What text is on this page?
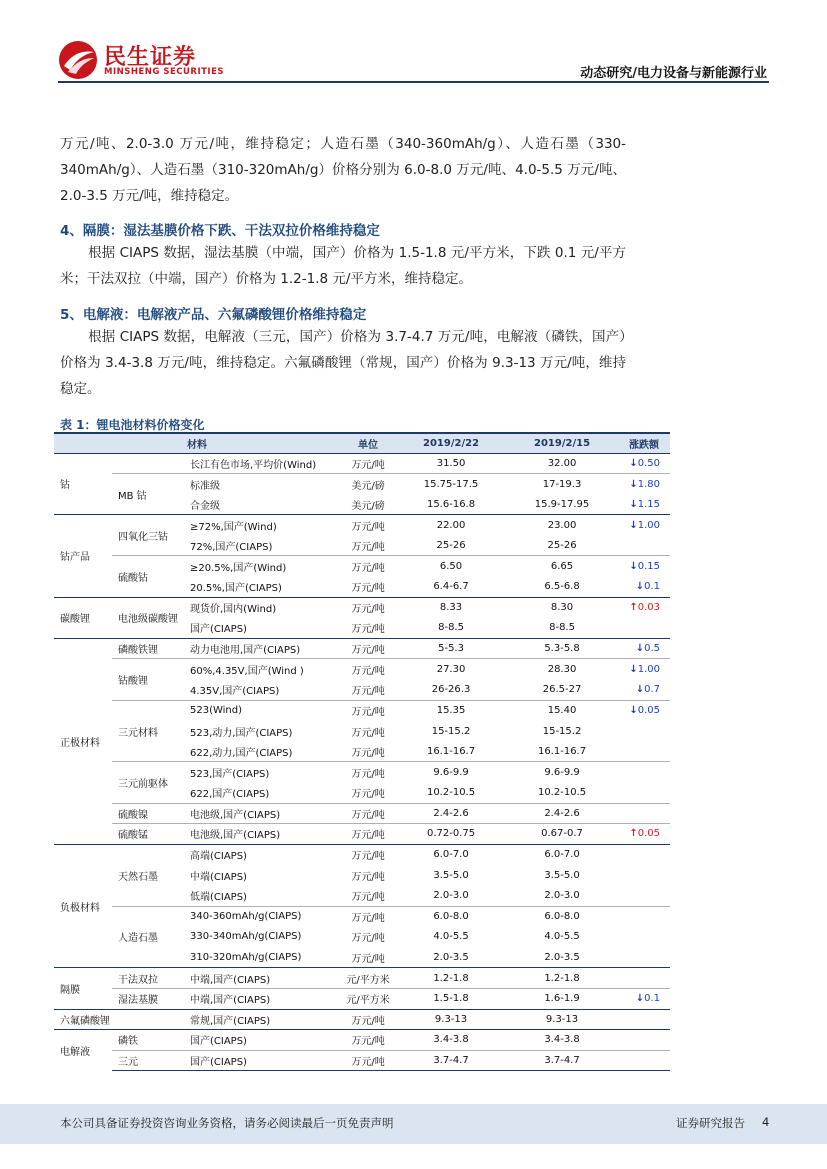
民生证券
MINSHENG SECURITIES	动态研究/电力设备与新能源行业
万元/吨、2.0-3.0 万元/吨，维持稳定；人造石墨（340-360mAh/g）、人造石墨（330-340mAh/g）、人造石墨（310-320mAh/g）价格分别为 6.0-8.0 万元/吨、4.0-5.5 万元/吨、2.0-3.5 万元/吨，维持稳定。
4、隔膜：湿法基膜价格下跌、干法双拉价格维持稳定
根据 CIAPS 数据，湿法基膜（中端，国产）价格为 1.5-1.8 元/平方米，下跌 0.1 元/平方米；干法双拉（中端，国产）价格为 1.2-1.8 元/平方米，维持稳定。
5、电解液：电解液产品、六氟磷酸锂价格维持稳定
根据 CIAPS 数据，电解液（三元，国产）价格为 3.7-4.7 万元/吨，电解液（磷铁，国产）价格为 3.4-3.8 万元/吨，维持稳定。六氟磷酸锂（常规，国产）价格为 9.3-13 万元/吨，维持稳定。
表 1：锂电池材料价格变化
材料			单位	2019/2/22	2019/2/15	涨跌额
钴		长江有色市场,平均价(Wind)	万元/吨	31.50	32.00	↓0.50
	MB 钴	标准级	美元/磅	15.75-17.5	17-19.3	↓1.80
		合金级	美元/磅	15.6-16.8	15.9-17.95	↓1.15
钴产品	四氧化三钴	≥72%,国产(Wind)	万元/吨	22.00	23.00	↓1.00
		72%,国产(CIAPS)	万元/吨	25-26	25-26	
	硫酸钴	≥20.5%,国产(Wind)	万元/吨	6.50	6.65	↓0.15
		20.5%,国产(CIAPS)	万元/吨	6.4-6.7	6.5-6.8	↓0.1
碳酸锂	电池级碳酸锂	现货价,国内(Wind)	万元/吨	8.33	8.30	↑0.03
		国产(CIAPS)	万元/吨	8-8.5	8-8.5	
正极材料	磷酸铁锂	动力电池用,国产(CIAPS)	万元/吨	5-5.3	5.3-5.8	↓0.5
	钴酸锂	60%,4.35V,国产(Wind )	万元/吨	27.30	28.30	↓1.00
		4.35V,国产(CIAPS)	万元/吨	26-26.3	26.5-27	↓0.7
	三元材料	523(Wind)	万元/吨	15.35	15.40	↓0.05
		523,动力,国产(CIAPS)	万元/吨	15-15.2	15-15.2	
		622,动力,国产(CIAPS)	万元/吨	16.1-16.7	16.1-16.7	
	三元前驱体	523,国产(CIAPS)	万元/吨	9.6-9.9	9.6-9.9	
		622,国产(CIAPS)	万元/吨	10.2-10.5	10.2-10.5	
	硫酸镍	电池级,国产(CIAPS)	万元/吨	2.4-2.6	2.4-2.6	
	硫酸锰	电池级,国产(CIAPS)	万元/吨	0.72-0.75	0.67-0.7	↑0.05
负极材料	天然石墨	高端(CIAPS)	万元/吨	6.0-7.0	6.0-7.0	
		中端(CIAPS)	万元/吨	3.5-5.0	3.5-5.0	
		低端(CIAPS)	万元/吨	2.0-3.0	2.0-3.0	
	人造石墨	340-360mAh/g(CIAPS)	万元/吨	6.0-8.0	6.0-8.0	
		330-340mAh/g(CIAPS)	万元/吨	4.0-5.5	4.0-5.5	
		310-320mAh/g(CIAPS)	万元/吨	2.0-3.5	2.0-3.5	
隔膜	干法双拉	中端,国产(CIAPS)	元/平方米	1.2-1.8	1.2-1.8	
	湿法基膜	中端,国产(CIAPS)	元/平方米	1.5-1.8	1.6-1.9	↓0.1
六氟磷酸锂		常规,国产(CIAPS)	万元/吨	9.3-13	9.3-13	
电解液	磷铁	国产(CIAPS)	万元/吨	3.4-3.8	3.4-3.8	
	三元	国产(CIAPS)	万元/吨	3.7-4.7	3.7-4.7	
本公司具备证券投资咨询业务资格，请务必阅读最后一页免责声明	证券研究报告 4
